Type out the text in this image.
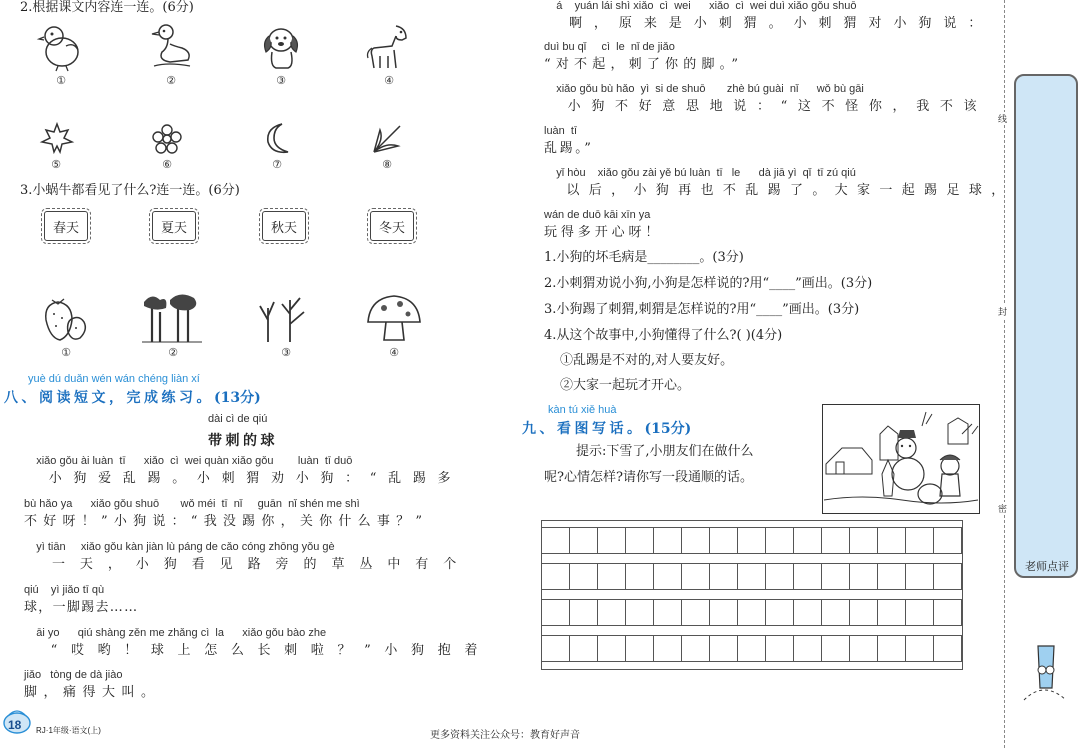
2.根据课文内容连一连。(6分)
①	②	③	④
⑤	⑥	⑦	⑧
3.小蜗牛都看见了什么?连一连。(6分)
春天	夏天	秋天	冬天
①	②	③	④
yuè dú duǎn wén wán chéng liàn xí
八、阅读短文，完成练习。(13分)
dài cì de qiú
带刺的球
xiǎo gǒu ài luàn  tī      xiǎo  cì  wei quàn xiǎo gǒu        luàn  tī duō
　小狗爱乱踢。小刺猬劝小狗：“乱踢多
bù hǎo ya      xiǎo gǒu shuō       wǒ méi  tī  nǐ     guān  nǐ shén me shì
不好呀！”小狗说：“我没踢你，关你什么事？”
yì tiān     xiǎo gǒu kàn jiàn lù páng de cǎo cóng zhōng yǒu gè
　一天，小狗看见路旁的草丛中有个
qiú    yì jiǎo tī qù
球，一脚踢去……
āi yo      qiú shàng zěn me zhǎng cì  la      xiǎo gǒu bào zhe
　“哎哟！球上怎么长刺啦？”小狗抱着
jiǎo   tòng de dà jiào
脚，痛得大叫。
á    yuán lái shì xiǎo  cì  wei      xiǎo  cì  wei duì xiǎo gǒu shuō
　啊，原来是小刺猬。小刺猬对小狗说：
duì bu qǐ     cì  le  nǐ de jiǎo
“对不起，刺了你的脚。”
xiǎo gǒu bù hǎo  yì  si de shuō       zhè bú guài  nǐ      wǒ bù gāi
　小狗不好意思地说：“这不怪你，我不该
luàn  tī
乱踢。”
yǐ hòu    xiǎo gǒu zài yě bú luàn  tī   le      dà jiā yì  qǐ  tī zú qiú
　以后，小狗再也不乱踢了。大家一起踢足球，
wán de duō kāi xīn ya
玩得多开心呀！
1.小狗的坏毛病是________。(3分)
2.小刺猬劝说小狗,小狗是怎样说的?用“____”画出。(3分)
3.小狗踢了刺猬,刺猬是怎样说的?用“____”画出。(3分)
4.从这个故事中,小狗懂得了什么?( )(4分)
①乱踢是不对的,对人要友好。
②大家一起玩才开心。
kàn tú xiě huà
九、看图写话。(15分)
提示:下雪了,小朋友们在做什么
呢?心情怎样?请你写一段通顺的话。

线
封
密
老师点评
18 RJ·1年级·语文(上)	更多资料关注公众号：教育好声音
